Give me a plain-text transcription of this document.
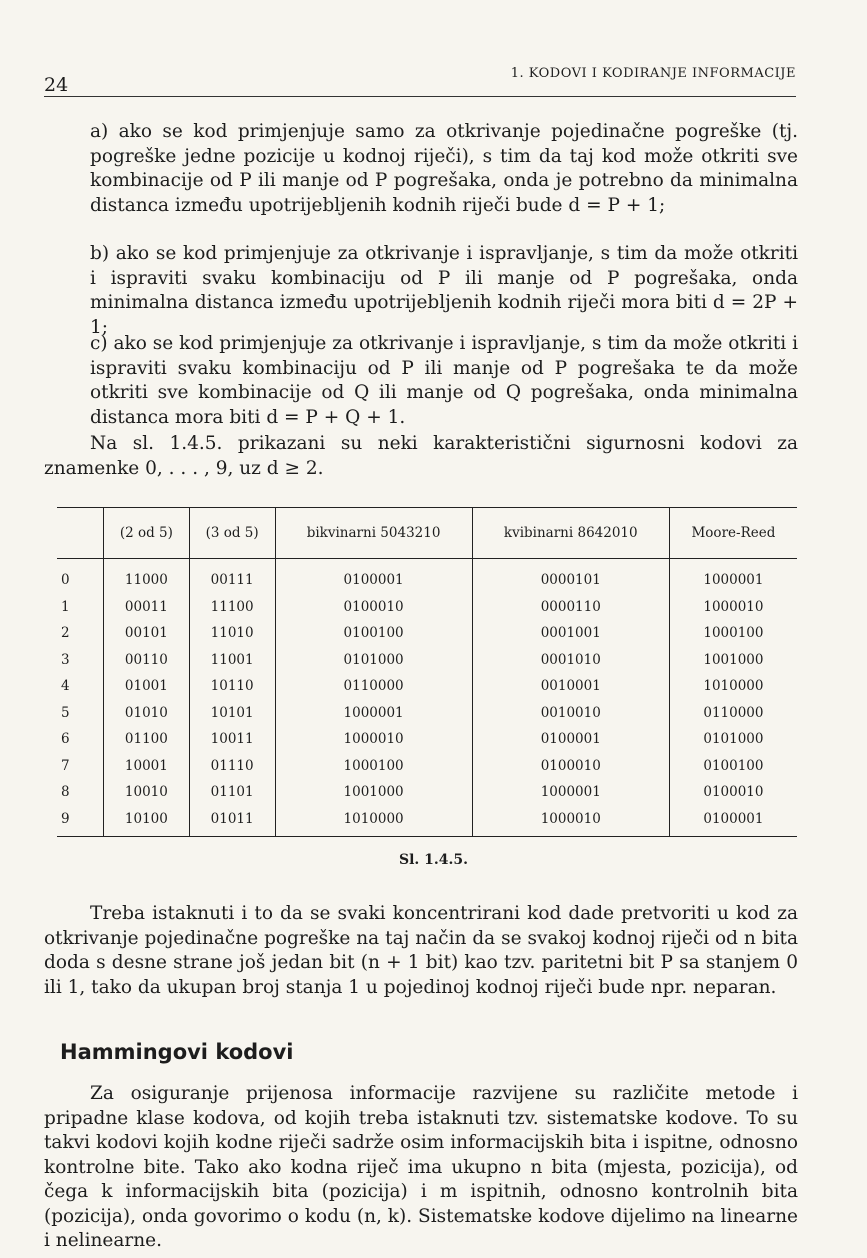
24
1. KODOVI I KODIRANJE INFORMACIJE

a) ako se kod primjenjuje samo za otkrivanje pojedinačne pogreške (tj. pogreške jedne pozicije u kodnoj riječi), s tim da taj kod može otkriti sve kombinacije od P ili manje od P pogrešaka, onda je potrebno da minimalna distanca između upotrijebljenih kodnih riječi bude d = P + 1;

b) ako se kod primjenjuje za otkrivanje i ispravljanje, s tim da može otkriti i ispraviti svaku kombinaciju od P ili manje od P pogrešaka, onda minimalna distanca između upotrijebljenih kodnih riječi mora biti d = 2P + 1;

c) ako se kod primjenjuje za otkrivanje i ispravljanje, s tim da može otkriti i ispraviti svaku kombinaciju od P ili manje od P pogrešaka te da može otkriti sve kombinacije od Q ili manje od Q pogrešaka, onda minimalna distanca mora biti d = P + Q + 1.

Na sl. 1.4.5. prikazani su neki karakteristični sigurnosni kodovi za znamenke 0, . . . , 9, uz d ≥ 2.

	(2 od 5)	(3 od 5)	bikvinarni 5043210	kvibinarni 8642010	Moore-Reed
0	11000	00111	0100001	0000101	1000001
1	00011	11100	0100010	0000110	1000010
2	00101	11010	0100100	0001001	1000100
3	00110	11001	0101000	0001010	1001000
4	01001	10110	0110000	0010001	1010000
5	01010	10101	1000001	0010010	0110000
6	01100	10011	1000010	0100001	0101000
7	10001	01110	1000100	0100010	0100100
8	10010	01101	1001000	1000001	0100010
9	10100	01011	1010000	1000010	0100001
Sl. 1.4.5.

Treba istaknuti i to da se svaki koncentrirani kod dade pretvoriti u kod za otkrivanje pojedinačne pogreške na taj način da se svakoj kodnoj riječi od n bita doda s desne strane još jedan bit (n + 1 bit) kao tzv. paritetni bit P sa stanjem 0 ili 1, tako da ukupan broj stanja 1 u pojedinoj kodnoj riječi bude npr. neparan.

Hammingovi kodovi

Za osiguranje prijenosa informacije razvijene su različite metode i pripadne klase kodova, od kojih treba istaknuti tzv. sistematske kodove. To su takvi kodovi kojih kodne riječi sadrže osim informacijskih bita i ispitne, odnosno kontrolne bite. Tako ako kodna riječ ima ukupno n bita (mjesta, pozicija), od čega k informacijskih bita (pozicija) i m ispitnih, odnosno kontrolnih bita (pozicija), onda govorimo o kodu (n, k). Sistematske kodove dijelimo na linearne i nelinearne.
